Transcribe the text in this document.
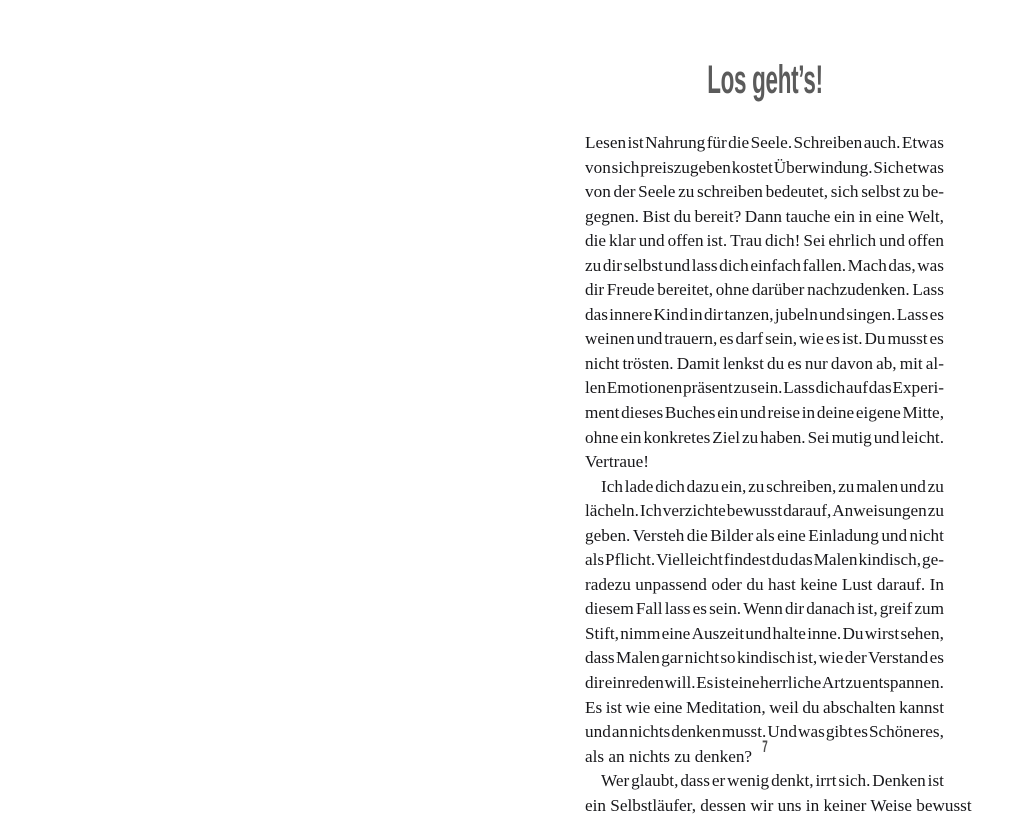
Los geht’s!

Lesen ist Nahrung für die Seele. Schreiben auch. Etwas
von sich preiszugeben kostet Überwindung. Sich etwas
von der Seele zu schreiben bedeutet, sich selbst zu be-
gegnen. Bist du bereit? Dann tauche ein in eine Welt,
die klar und offen ist. Trau dich! Sei ehrlich und offen
zu dir selbst und lass dich einfach fallen. Mach das, was
dir Freude bereitet, ohne darüber nachzudenken. Lass
das innere Kind in dir tanzen, jubeln und singen. Lass es
weinen und trauern, es darf sein, wie es ist. Du musst es
nicht trösten. Damit lenkst du es nur davon ab, mit al-
len Emotionen präsent zu sein. Lass dich auf das Experi-
ment dieses Buches ein und reise in deine eigene Mitte,
ohne ein konkretes Ziel zu haben. Sei mutig und leicht.
Vertraue!

Ich lade dich dazu ein, zu schreiben, zu malen und zu
lächeln. Ich verzichte bewusst darauf, Anweisungen zu
geben. Versteh die Bilder als eine Einladung und nicht
als Pflicht. Vielleicht findest du das Malen kindisch, ge-
radezu unpassend oder du hast keine Lust darauf. In
diesem Fall lass es sein. Wenn dir danach ist, greif zum
Stift, nimm eine Auszeit und halte inne. Du wirst sehen,
dass Malen gar nicht so kindisch ist, wie der Verstand es
dir einreden will. Es ist eine herrliche Art zu entspannen.
Es ist wie eine Meditation, weil du abschalten kannst
und an nichts denken musst. Und was gibt es Schöneres,
als an nichts zu denken?

Wer glaubt, dass er wenig denkt, irrt sich. Denken ist
ein Selbstläufer, dessen wir uns in keiner Weise bewusst

7
